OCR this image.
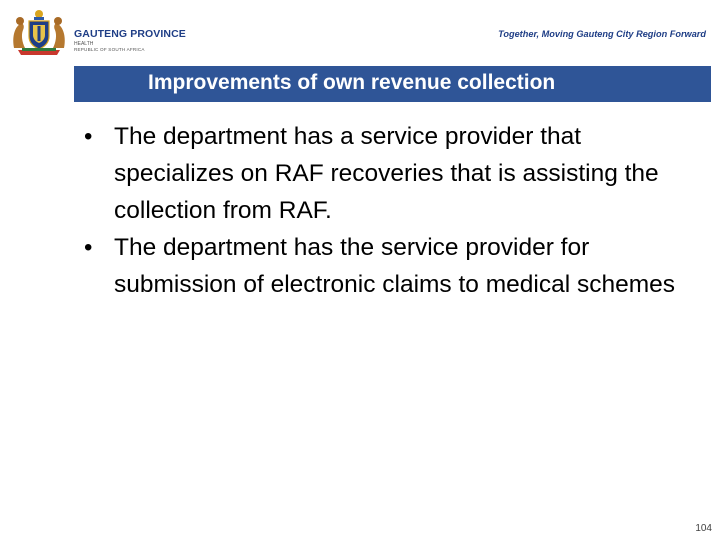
GAUTENG PROVINCE
HEALTH
REPUBLIC OF SOUTH AFRICA
Together, Moving Gauteng City Region Forward
Improvements of own revenue collection
• The department has a service provider that specializes on RAF recoveries that is assisting the collection from RAF.
• The department has the service provider for submission of electronic claims to medical schemes
104
